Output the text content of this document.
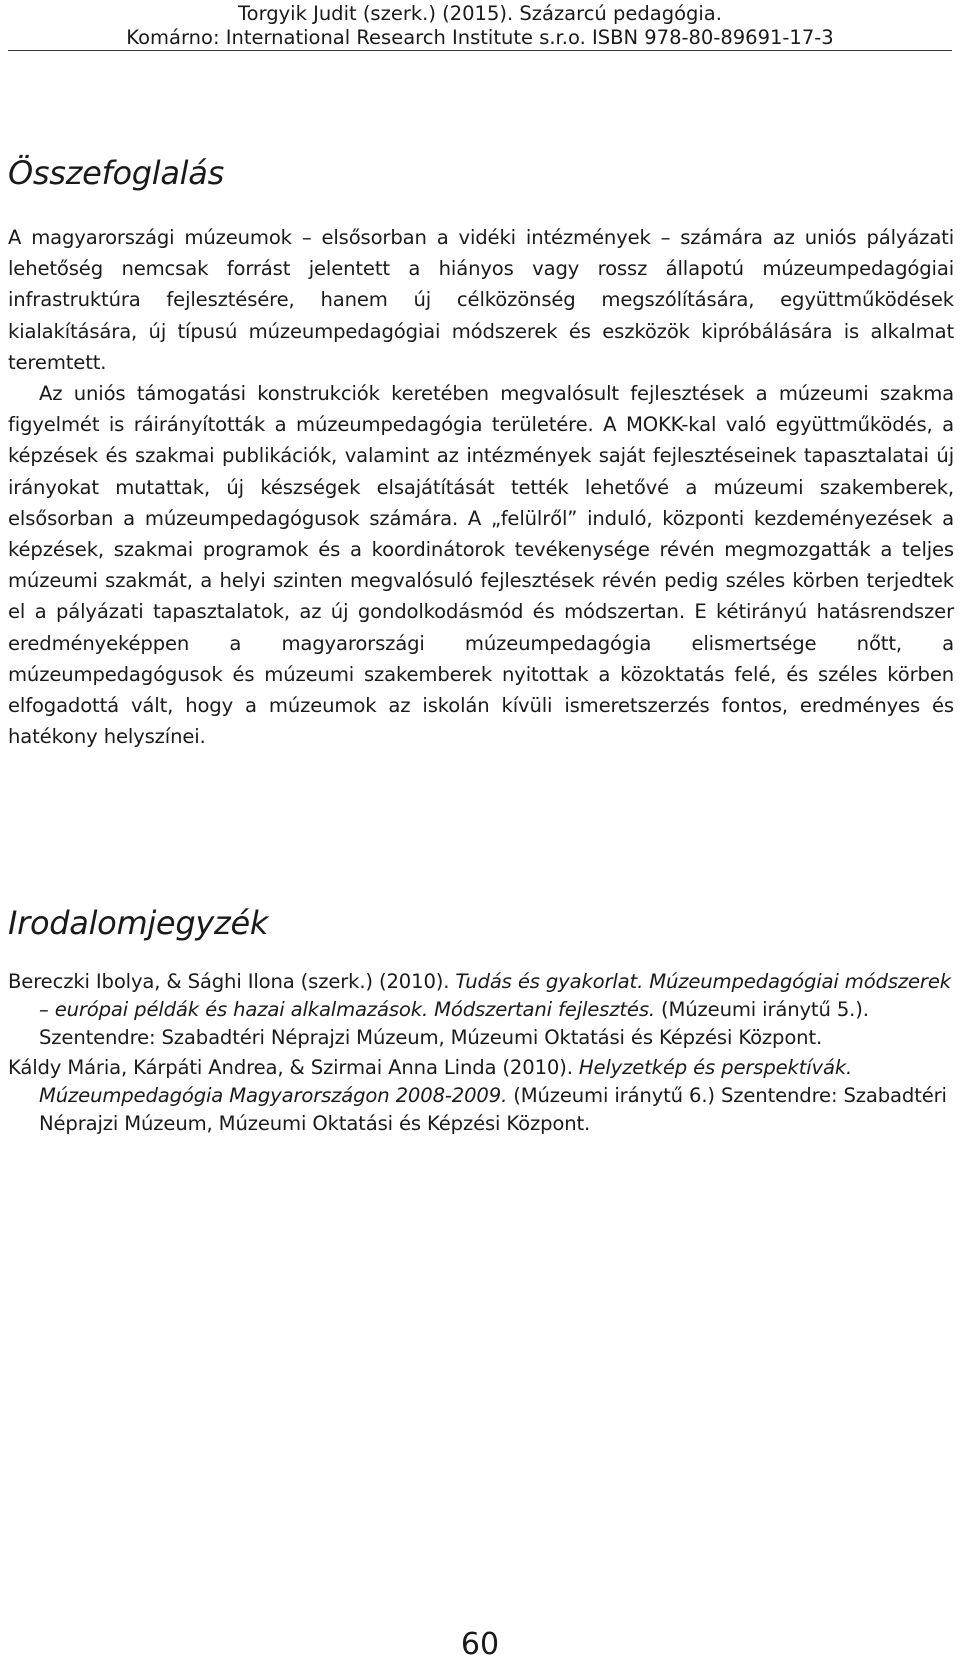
Torgyik Judit (szerk.) (2015). Százarcú pedagógia.
Komárno: International Research Institute s.r.o. ISBN 978-80-89691-17-3
Összefoglalás
A magyarországi múzeumok – elsősorban a vidéki intézmények – számára az uniós pályázati lehetőség nemcsak forrást jelentett a hiányos vagy rossz állapotú múzeumpedagógiai infrastruktúra fejlesztésére, hanem új célközönség megszólítására, együttműködések kialakítására, új típusú múzeumpedagógiai módszerek és eszközök kipróbálására is alkalmat teremtett.
Az uniós támogatási konstrukciók keretében megvalósult fejlesztések a múzeumi szakma figyelmét is ráirányították a múzeumpedagógia területére. A MOKK-kal való együttműködés, a képzések és szakmai publikációk, valamint az intézmények saját fejlesztéseinek tapasztalatai új irányokat mutattak, új készségek elsajátítását tették lehetővé a múzeumi szakemberek, elsősorban a múzeumpedagógusok számára. A „felülről” induló, központi kezdeményezések a képzések, szakmai programok és a koordinátorok tevékenysége révén megmozgatták a teljes múzeumi szakmát, a helyi szinten megvalósuló fejlesztések révén pedig széles körben terjedtek el a pályázati tapasztalatok, az új gondolkodásmód és módszertan. E kétirányú hatásrendszer eredményeképpen a magyarországi múzeumpedagógia elismertsége nőtt, a múzeumpedagógusok és múzeumi szakemberek nyitottak a közoktatás felé, és széles körben elfogadottá vált, hogy a múzeumok az iskolán kívüli ismeretszerzés fontos, eredményes és hatékony helyszínei.
Irodalomjegyzék
Bereczki Ibolya, & Sághi Ilona (szerk.) (2010). Tudás és gyakorlat. Múzeumpedagógiai módszerek – európai példák és hazai alkalmazások. Módszertani fejlesztés. (Múzeumi iránytű 5.). Szentendre: Szabadtéri Néprajzi Múzeum, Múzeumi Oktatási és Képzési Központ.
Káldy Mária, Kárpáti Andrea, & Szirmai Anna Linda (2010). Helyzetkép és perspektívák. Múzeumpedagógia Magyarországon 2008-2009. (Múzeumi iránytű 6.) Szentendre: Szabadtéri Néprajzi Múzeum, Múzeumi Oktatási és Képzési Központ.
60
